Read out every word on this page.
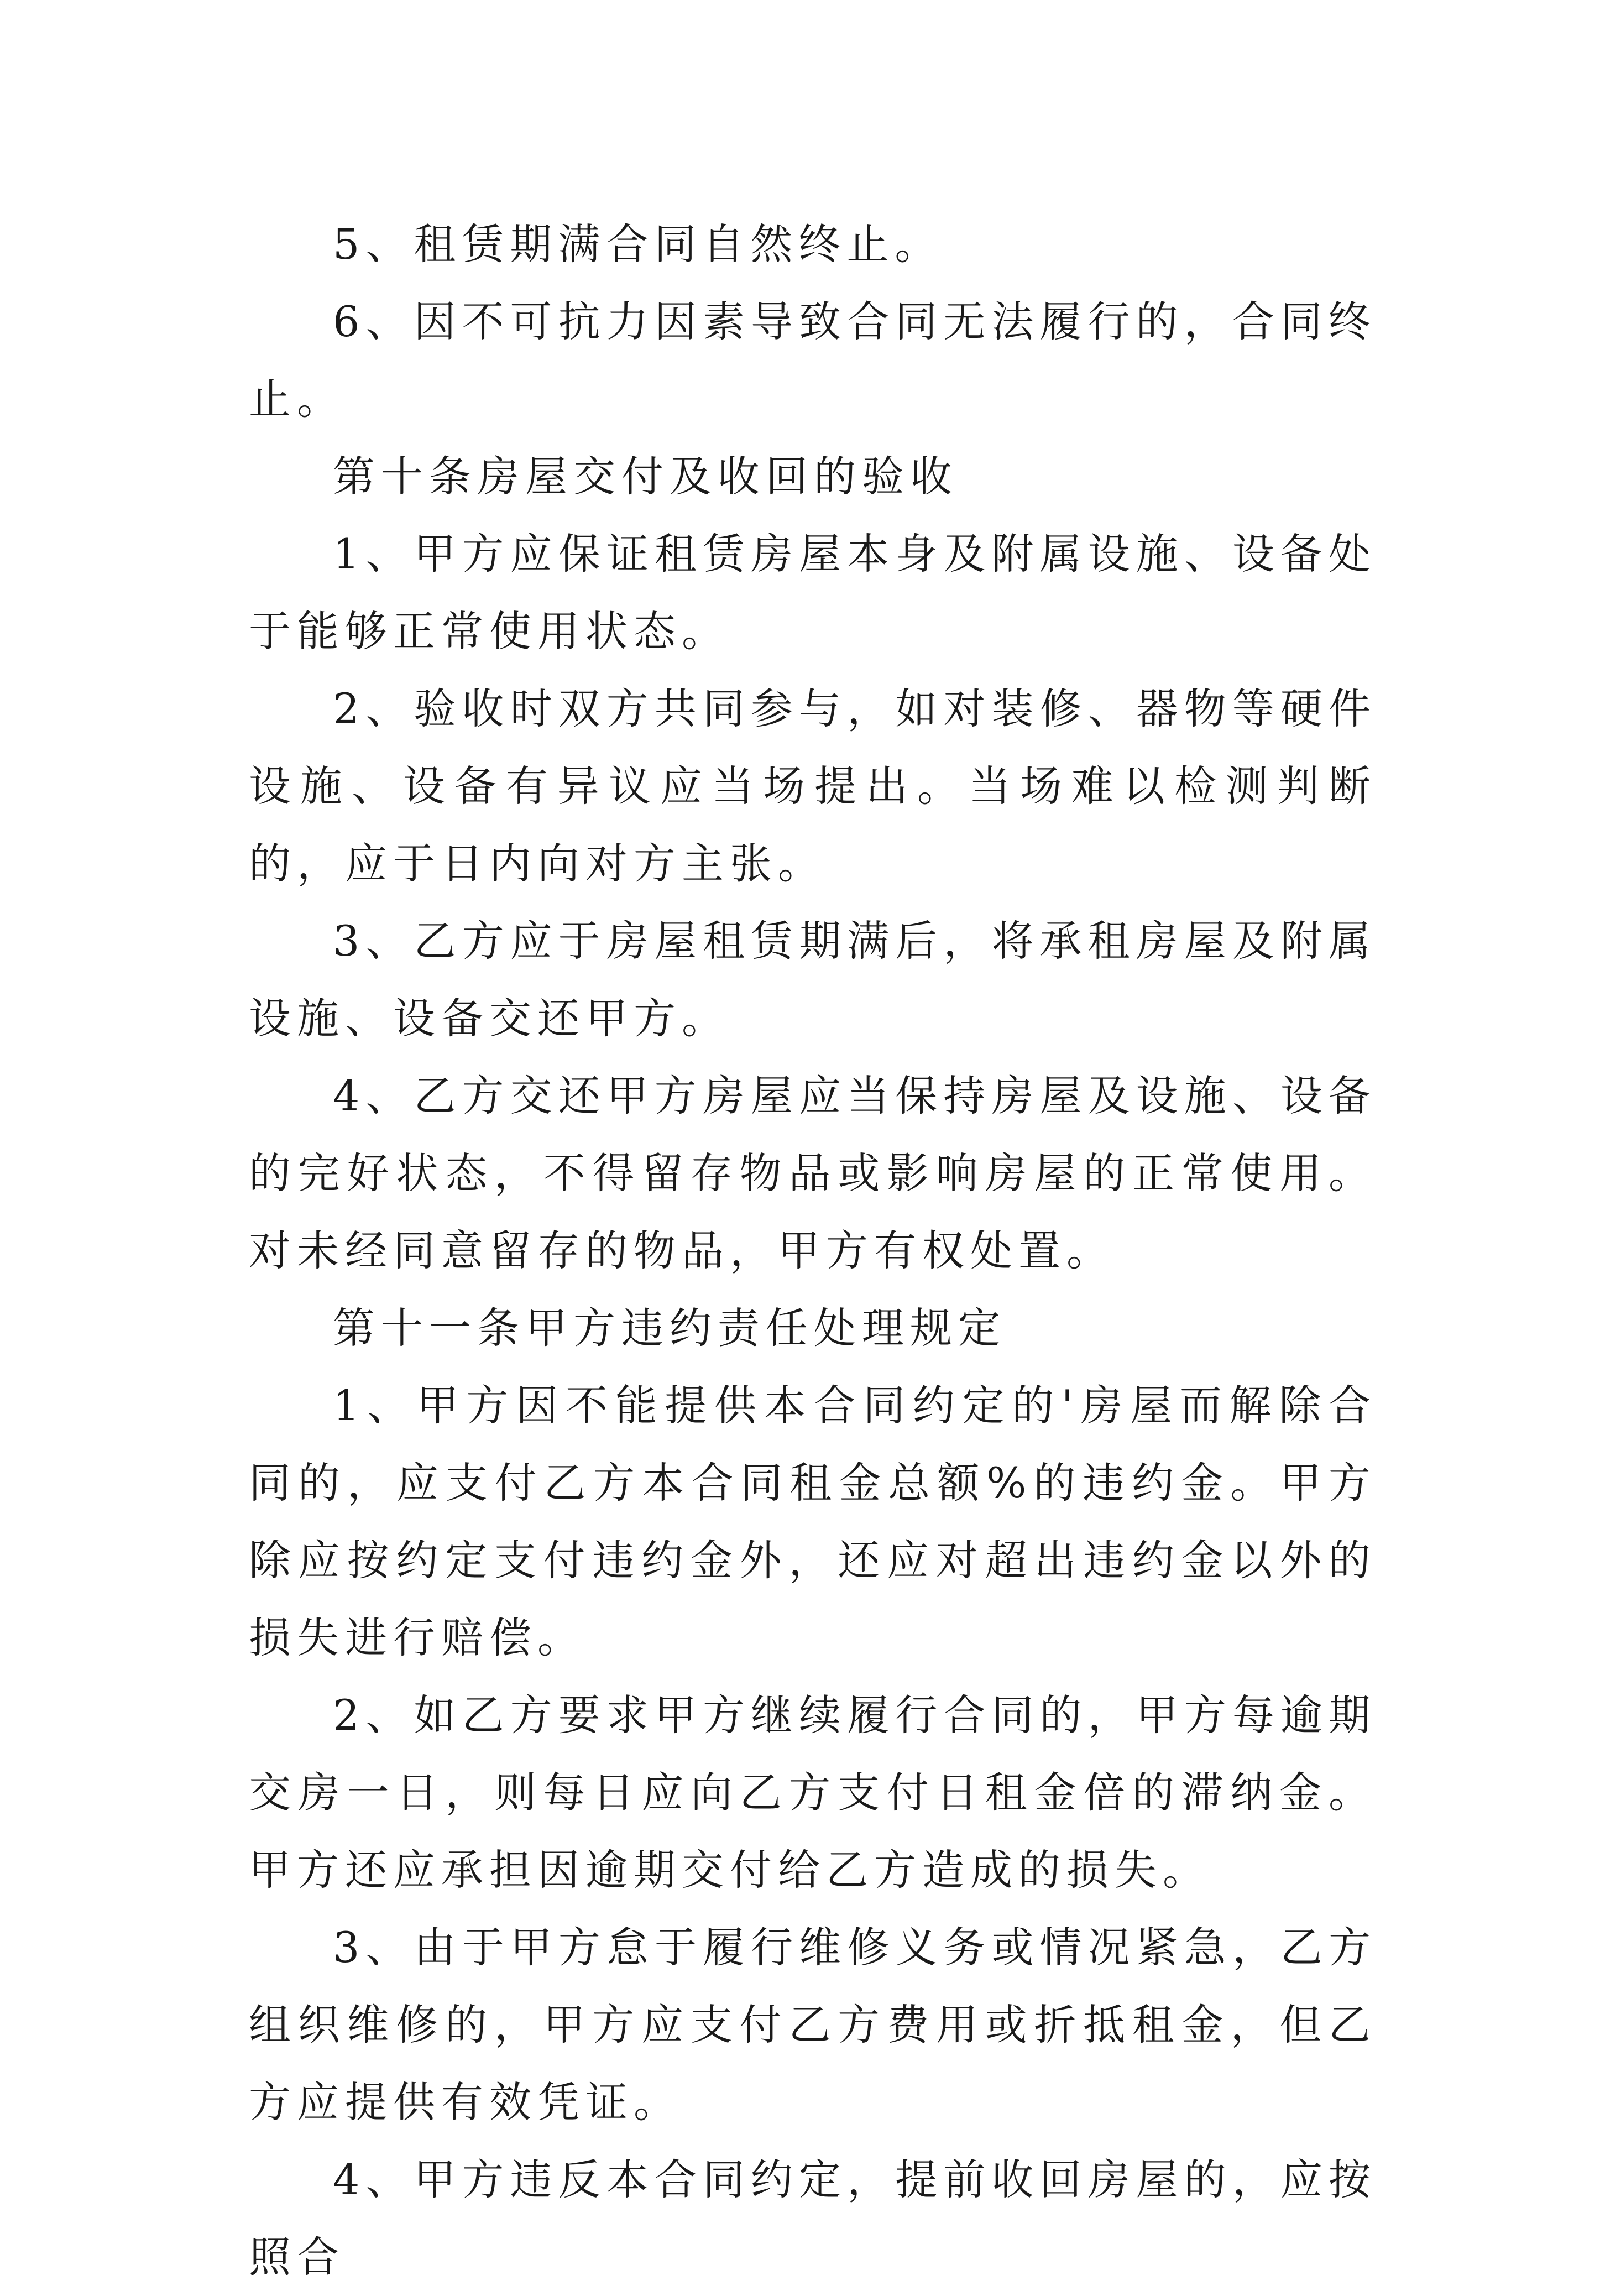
5、租赁期满合同自然终止。

6、因不可抗力因素导致合同无法履行的，合同终止。

第十条房屋交付及收回的验收

1、甲方应保证租赁房屋本身及附属设施、设备处于能够正常使用状态。

2、验收时双方共同参与，如对装修、器物等硬件设施、设备有异议应当场提出。当场难以检测判断的，应于日内向对方主张。

3、乙方应于房屋租赁期满后，将承租房屋及附属设施、设备交还甲方。

4、乙方交还甲方房屋应当保持房屋及设施、设备的完好状态，不得留存物品或影响房屋的正常使用。对未经同意留存的物品，甲方有权处置。

第十一条甲方违约责任处理规定

1、甲方因不能提供本合同约定的'房屋而解除合同的，应支付乙方本合同租金总额%的违约金。甲方除应按约定支付违约金外，还应对超出违约金以外的损失进行赔偿。

2、如乙方要求甲方继续履行合同的，甲方每逾期交房一日，则每日应向乙方支付日租金倍的滞纳金。甲方还应承担因逾期交付给乙方造成的损失。

3、由于甲方怠于履行维修义务或情况紧急，乙方组织维修的，甲方应支付乙方费用或折抵租金，但乙方应提供有效凭证。

4、甲方违反本合同约定，提前收回房屋的，应按照合
